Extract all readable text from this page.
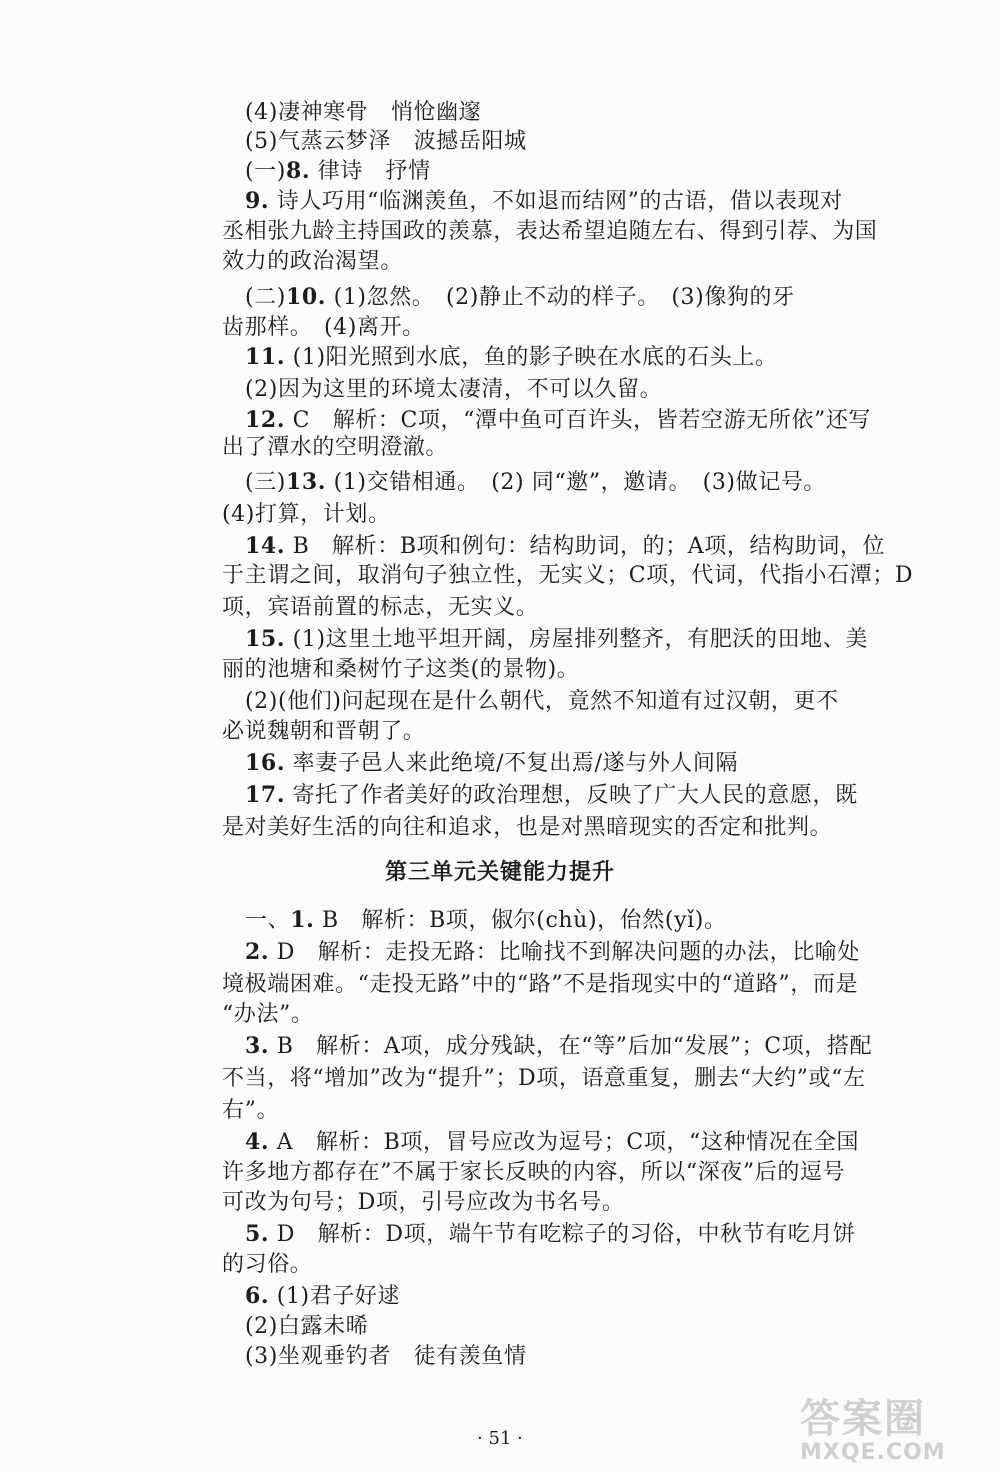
(4)凄神寒骨　悄怆幽邃
(5)气蒸云梦泽　波撼岳阳城
(一)8. 律诗　抒情
9. 诗人巧用“临渊羡鱼，不如退而结网”的古语，借以表现对
丞相张九龄主持国政的羡慕，表达希望追随左右、得到引荐、为国
效力的政治渴望。
(二)10. (1)忽然。　(2)静止不动的样子。　(3)像狗的牙
齿那样。　(4)离开。
11. (1)阳光照到水底，鱼的影子映在水底的石头上。
(2)因为这里的环境太凄清，不可以久留。
12. C　解析：C项，“潭中鱼可百许头，皆若空游无所依”还写
出了潭水的空明澄澈。
(三)13. (1)交错相通。　(2) 同“邀”，邀请。　(3)做记号。
(4)打算，计划。
14. B　解析：B项和例句：结构助词，的；A项，结构助词，位
于主谓之间，取消句子独立性，无实义；C项，代词，代指小石潭；D
项，宾语前置的标志，无实义。
15. (1)这里土地平坦开阔，房屋排列整齐，有肥沃的田地、美
丽的池塘和桑树竹子这类(的景物)。
(2)(他们)问起现在是什么朝代，竟然不知道有过汉朝，更不
必说魏朝和晋朝了。
16. 率妻子邑人来此绝境/不复出焉/遂与外人间隔
17. 寄托了作者美好的政治理想，反映了广大人民的意愿，既
是对美好生活的向往和追求，也是对黑暗现实的否定和批判。
第三单元关键能力提升
一、1. B　解析：B项，俶尔(chù)，佁然(yǐ)。
2. D　解析：走投无路：比喻找不到解决问题的办法，比喻处
境极端困难。“走投无路”中的“路”不是指现实中的“道路”，而是
“办法”。
3. B　解析：A项，成分残缺，在“等”后加“发展”；C项，搭配
不当，将“增加”改为“提升”；D项，语意重复，删去“大约”或“左
右”。
4. A　解析：B项，冒号应改为逗号；C项，“这种情况在全国
许多地方都存在”不属于家长反映的内容，所以“深夜”后的逗号
可改为句号；D项，引号应改为书名号。
5. D　解析：D项，端午节有吃粽子的习俗，中秋节有吃月饼
的习俗。
6. (1)君子好逑
(2)白露未晞
(3)坐观垂钓者　徒有羡鱼情
· 51 ·	答案圈
MXQE.COM
